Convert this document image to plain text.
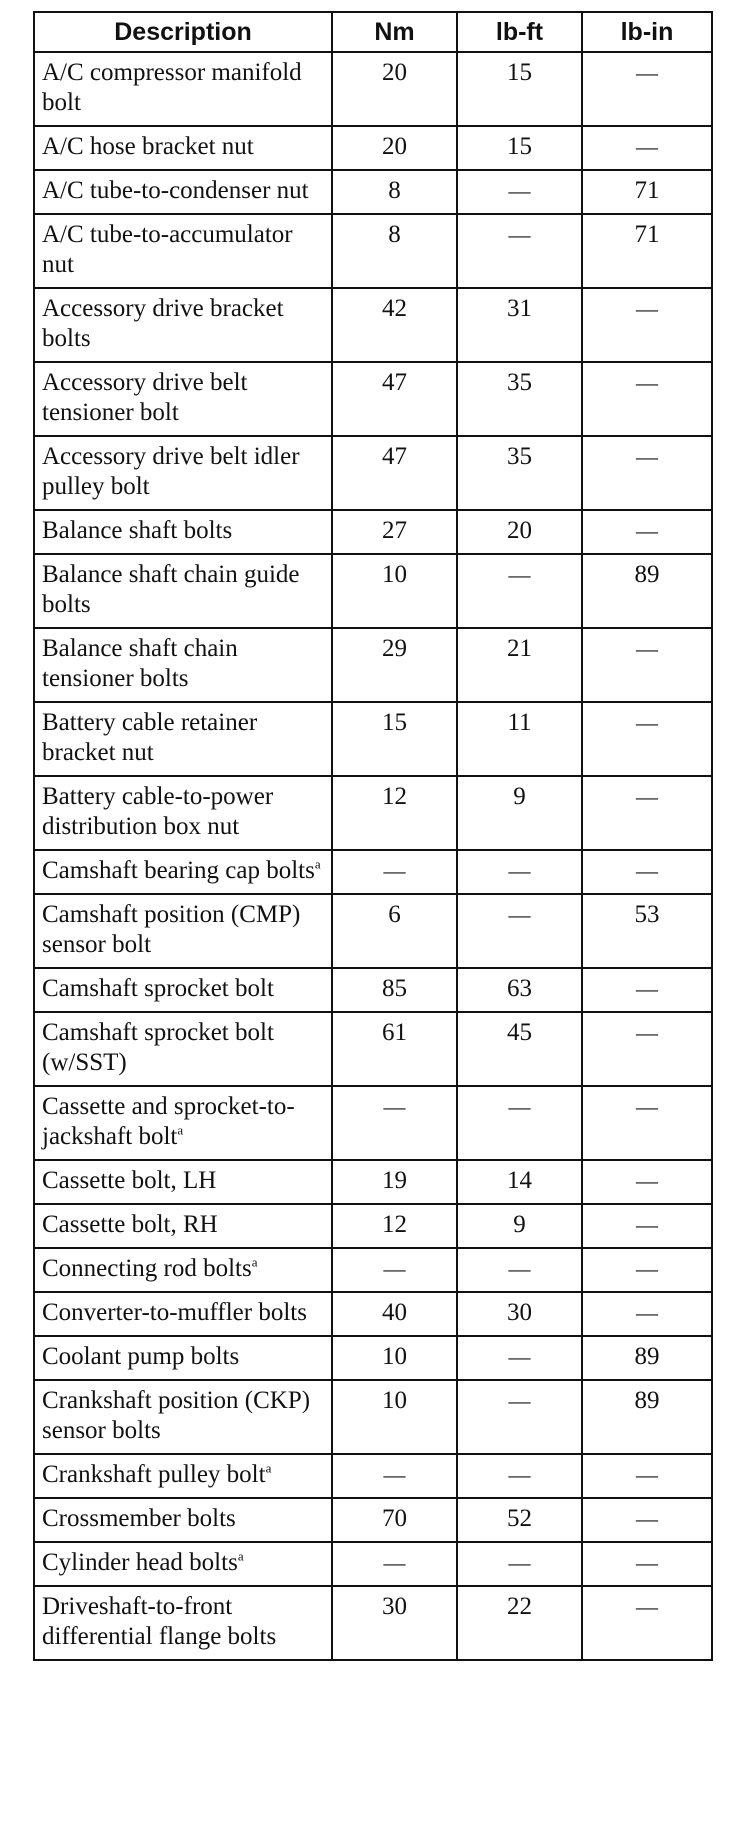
Description	Nm	lb-ft	lb-in
A/C compressor manifold bolt	20	15	—
A/C hose bracket nut	20	15	—
A/C tube-to-condenser nut	8	—	71
A/C tube-to-accumulator nut	8	—	71
Accessory drive bracket bolts	42	31	—
Accessory drive belt tensioner bolt	47	35	—
Accessory drive belt idler pulley bolt	47	35	—
Balance shaft bolts	27	20	—
Balance shaft chain guide bolts	10	—	89
Balance shaft chain tensioner bolts	29	21	—
Battery cable retainer bracket nut	15	11	—
Battery cable-to-power distribution box nut	12	9	—
Camshaft bearing cap bolts$^a$	—	—	—
Camshaft position (CMP) sensor bolt	6	—	53
Camshaft sprocket bolt	85	63	—
Camshaft sprocket bolt (w/SST)	61	45	—
Cassette and sprocket-to-jackshaft bolt$^a$	—	—	—
Cassette bolt, LH	19	14	—
Cassette bolt, RH	12	9	—
Connecting rod bolts$^a$	—	—	—
Converter-to-muffler bolts	40	30	—
Coolant pump bolts	10	—	89
Crankshaft position (CKP) sensor bolts	10	—	89
Crankshaft pulley bolt$^a$	—	—	—
Crossmember bolts	70	52	—
Cylinder head bolts$^a$	—	—	—
Driveshaft-to-front differential flange bolts	30	22	—
